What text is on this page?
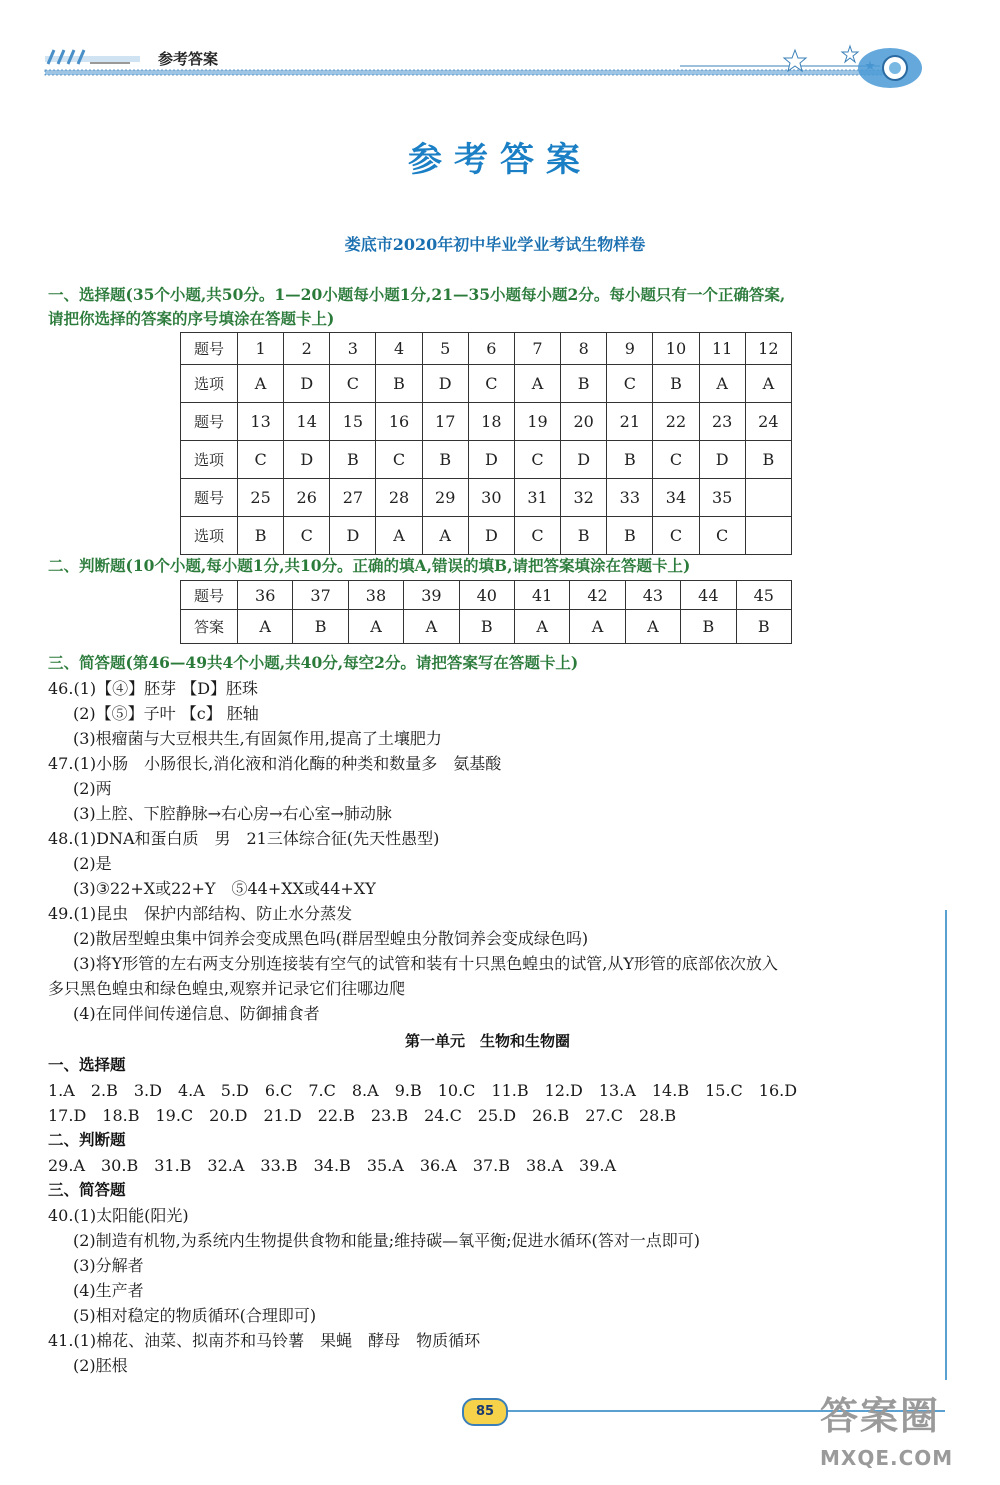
参考答案
参考答案
娄底市2020年初中毕业学业考试生物样卷
一、选择题(35个小题,共50分。1—20小题每小题1分,21—35小题每小题2分。每小题只有一个正确答案,
请把你选择的答案的序号填涂在答题卡上)
题号	1	2	3	4	5	6	7	8	9	10	11	12
选项	A	D	C	B	D	C	A	B	C	B	A	A
题号	13	14	15	16	17	18	19	20	21	22	23	24
选项	C	D	B	C	B	D	C	D	B	C	D	B
题号	25	26	27	28	29	30	31	32	33	34	35	
选项	B	C	D	A	A	D	C	B	B	C	C	
二、判断题(10个小题,每小题1分,共10分。正确的填A,错误的填B,请把答案填涂在答题卡上)
题号	36	37	38	39	40	41	42	43	44	45
答案	A	B	A	A	B	A	A	A	B	B
三、简答题(第46—49共4个小题,共40分,每空2分。请把答案写在答题卡上)
46.(1)【④】胚芽 【D】胚珠
(2)【⑤】子叶 【c】 胚轴
(3)根瘤菌与大豆根共生,有固氮作用,提高了土壤肥力
47.(1)小肠　小肠很长,消化液和消化酶的种类和数量多　氨基酸
(2)两
(3)上腔、下腔静脉→右心房→右心室→肺动脉
48.(1)DNA和蛋白质　男　21三体综合征(先天性愚型)
(2)是
(3)③22+X或22+Y　⑤44+XX或44+XY
49.(1)昆虫　保护内部结构、防止水分蒸发
(2)散居型蝗虫集中饲养会变成黑色吗(群居型蝗虫分散饲养会变成绿色吗)
(3)将Y形管的左右两支分别连接装有空气的试管和装有十只黑色蝗虫的试管,从Y形管的底部依次放入
多只黑色蝗虫和绿色蝗虫,观察并记录它们往哪边爬
(4)在同伴间传递信息、防御捕食者
第一单元　生物和生物圈
一、选择题
1.A　2.B　3.D　4.A　5.D　6.C　7.C　8.A　9.B　10.C　11.B　12.D　13.A　14.B　15.C　16.D
17.D　18.B　19.C　20.D　21.D　22.B　23.B　24.C　25.D　26.B　27.C　28.B
二、判断题
29.A　30.B　31.B　32.A　33.B　34.B　35.A　36.A　37.B　38.A　39.A
三、简答题
40.(1)太阳能(阳光)
(2)制造有机物,为系统内生物提供食物和能量;维持碳—氧平衡;促进水循环(答对一点即可)
(3)分解者
(4)生产者
(5)相对稳定的物质循环(合理即可)
41.(1)棉花、油菜、拟南芥和马铃薯　果蝇　酵母　物质循环
(2)胚根
85	答案圈
MXQE.COM
